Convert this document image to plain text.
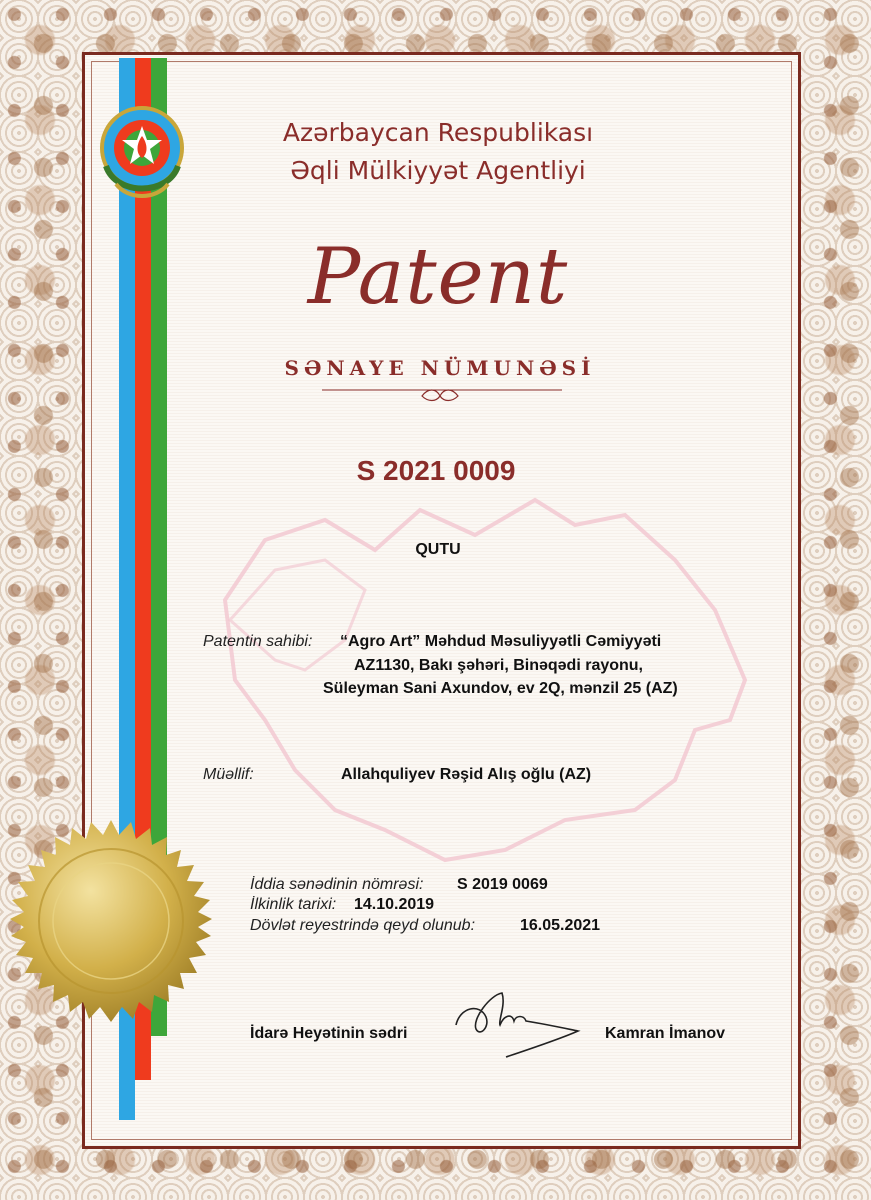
Azərbaycan Respublikası
Əqli Mülkiyyət Agentliyi
Patent
SƏNAYE NÜMUNƏSİ
S 2021 0009
QUTU
Patentin sahibi: “Agro Art” Məhdud Məsuliyyətli Cəmiyyəti
AZ1130, Bakı şəhəri, Binəqədi rayonu,
Süleyman Sani Axundov, ev 2Q, mənzil 25 (AZ)
Müəllif:	Allahquliyev Rəşid Alış oğlu (AZ)
İddia sənədinin nömrəsi: S 2019 0069
İlkinlik tarixi: 14.10.2019
Dövlət reyestrində qeyd olunub:	16.05.2021
İdarə Heyətinin sədri	Kamran İmanov
